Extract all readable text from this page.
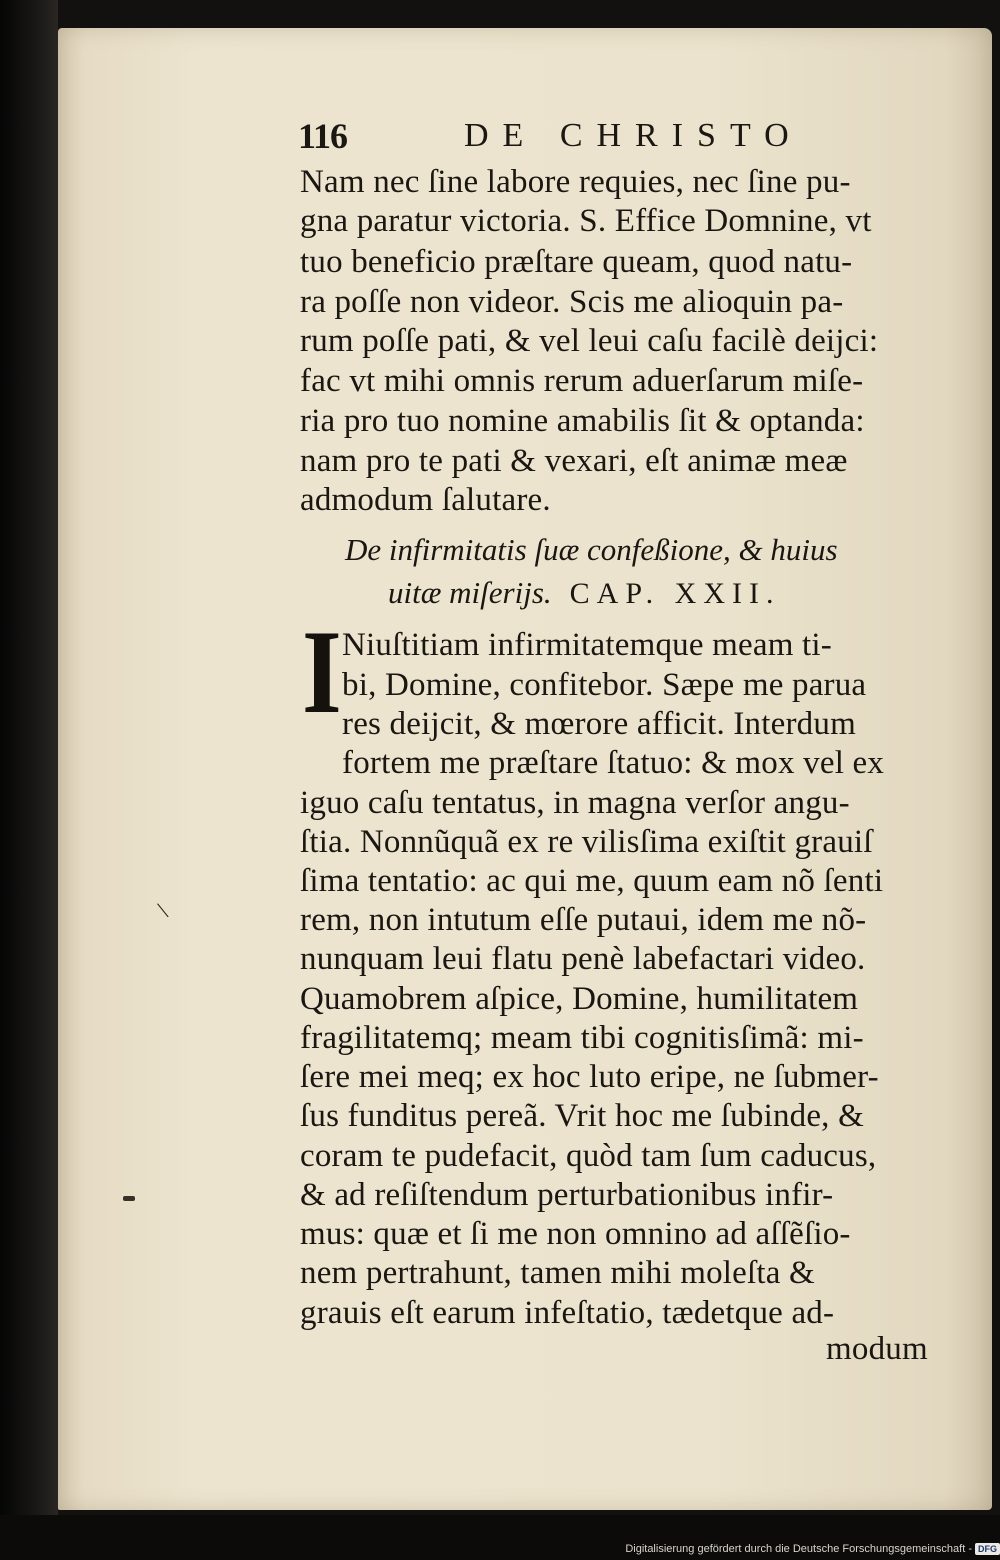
116	DE CHRISTO
Nam nec ſine labore requies, nec ſine pu-
gna paratur victoria. S. Effice Domnine, vt
tuo beneficio præſtare queam, quod natu-
ra poſſe non videor. Scis me alioquin pa-
rum poſſe pati, & vel leui caſu facilè deijci:
fac vt mihi omnis rerum aduerſarum miſe-
ria pro tuo nomine amabilis ſit & optanda:
nam pro te pati & vexari, eſt animæ meæ
admodum ſalutare.
De infirmitatis ſuæ confeßione, & huius
uitæ miſerijs. CAP. XXII.
I Niuſtitiam infirmitatemque meam ti-
bi, Domine, confitebor. Sæpe me parua
res deijcit, & mœrore afficit. Interdum
fortem me præſtare ſtatuo: & mox vel ex
iguo caſu tentatus, in magna verſor angu-
ſtia. Nonnũquã ex re vilisſima exiſtit grauiſ
ſima tentatio: ac qui me, quum eam nõ ſenti
rem, non intutum eſſe putaui, idem me nõ-
nunquam leui flatu penè labefactari video.
Quamobrem aſpice, Domine, humilitatem
fragilitatemq; meam tibi cognitisſimã: mi-
ſere mei meq; ex hoc luto eripe, ne ſubmer-
ſus funditus pereã. Vrit hoc me ſubinde, &
coram te pudefacit, quòd tam ſum caducus,
& ad reſiſtendum perturbationibus infir-
mus: quæ et ſi me non omnino ad aſſẽſio-
nem pertrahunt, tamen mihi moleſta &
grauis eſt earum infeſtatio, tædetque ad-
modum
\
Digitalisierung gefördert durch die Deutsche Forschungsgemeinschaft - DFG
